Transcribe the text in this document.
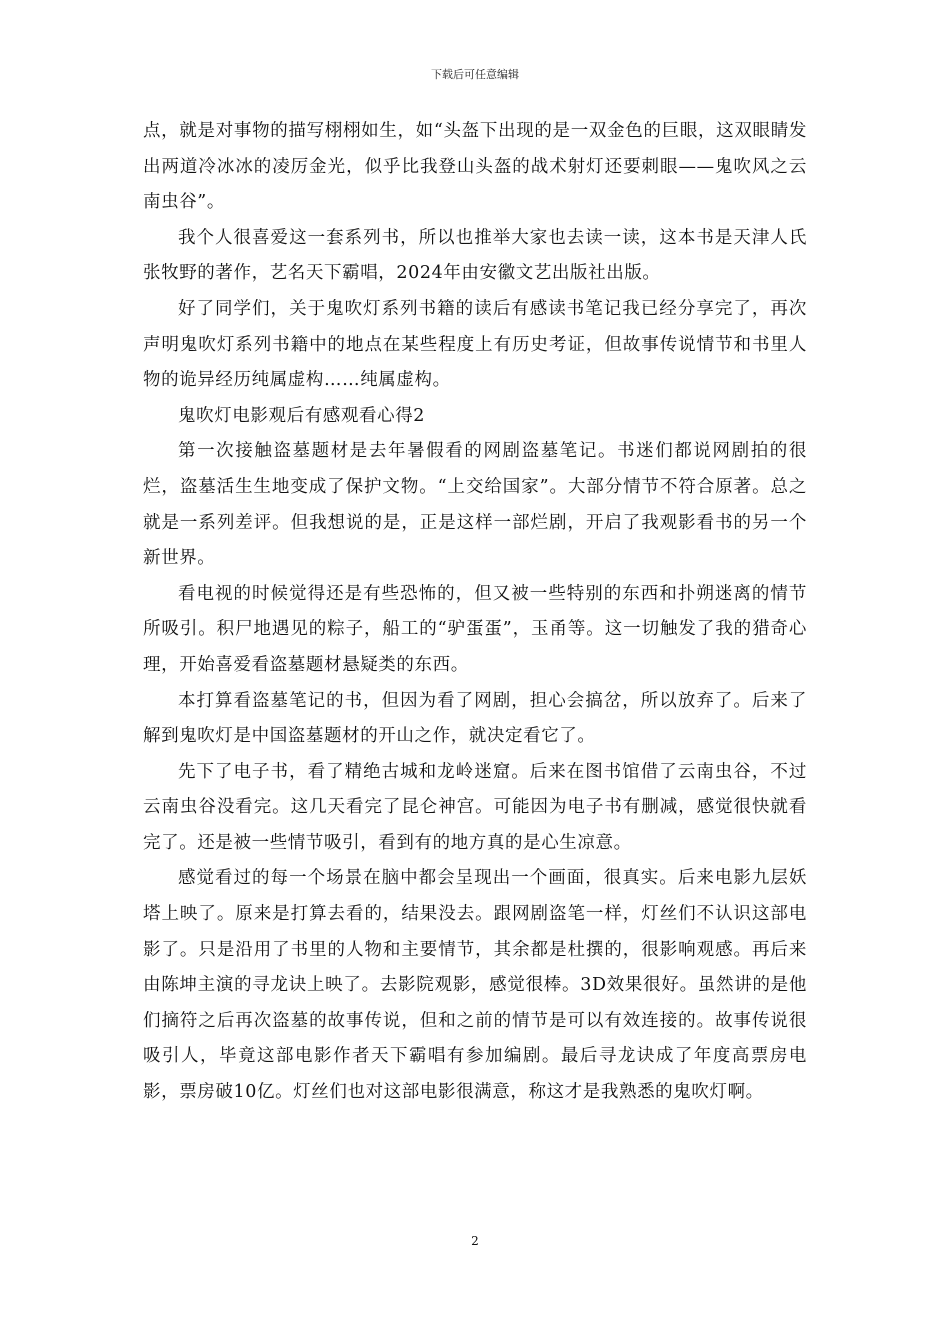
下载后可任意编辑

点，就是对事物的描写栩栩如生，如“头盔下出现的是一双金色的巨眼，这双眼睛发出两道冷冰冰的凌厉金光，似乎比我登山头盔的战术射灯还要刺眼——鬼吹风之云南虫谷”。

我个人很喜爱这一套系列书，所以也推举大家也去读一读，这本书是天津人氏张牧野的著作，艺名天下霸唱，2024年由安徽文艺出版社出版。

好了同学们，关于鬼吹灯系列书籍的读后有感读书笔记我已经分享完了，再次声明鬼吹灯系列书籍中的地点在某些程度上有历史考证，但故事传说情节和书里人物的诡异经历纯属虚构……纯属虚构。

鬼吹灯电影观后有感观看心得2

第一次接触盗墓题材是去年暑假看的网剧盗墓笔记。书迷们都说网剧拍的很烂，盗墓活生生地变成了保护文物。“上交给国家”。大部分情节不符合原著。总之就是一系列差评。但我想说的是，正是这样一部烂剧，开启了我观影看书的另一个新世界。

看电视的时候觉得还是有些恐怖的，但又被一些特别的东西和扑朔迷离的情节所吸引。积尸地遇见的粽子，船工的“驴蛋蛋”，玉甬等。这一切触发了我的猎奇心理，开始喜爱看盗墓题材悬疑类的东西。

本打算看盗墓笔记的书，但因为看了网剧，担心会搞岔，所以放弃了。后来了解到鬼吹灯是中国盗墓题材的开山之作，就决定看它了。

先下了电子书，看了精绝古城和龙岭迷窟。后来在图书馆借了云南虫谷，不过云南虫谷没看完。这几天看完了昆仑神宫。可能因为电子书有删减，感觉很快就看完了。还是被一些情节吸引，看到有的地方真的是心生凉意。

感觉看过的每一个场景在脑中都会呈现出一个画面，很真实。后来电影九层妖塔上映了。原来是打算去看的，结果没去。跟网剧盗笔一样，灯丝们不认识这部电影了。只是沿用了书里的人物和主要情节，其余都是杜撰的，很影响观感。再后来由陈坤主演的寻龙诀上映了。去影院观影，感觉很棒。3D效果很好。虽然讲的是他们摘符之后再次盗墓的故事传说，但和之前的情节是可以有效连接的。故事传说很吸引人，毕竟这部电影作者天下霸唱有参加编剧。最后寻龙诀成了年度高票房电影，票房破10亿。灯丝们也对这部电影很满意，称这才是我熟悉的鬼吹灯啊。

2
